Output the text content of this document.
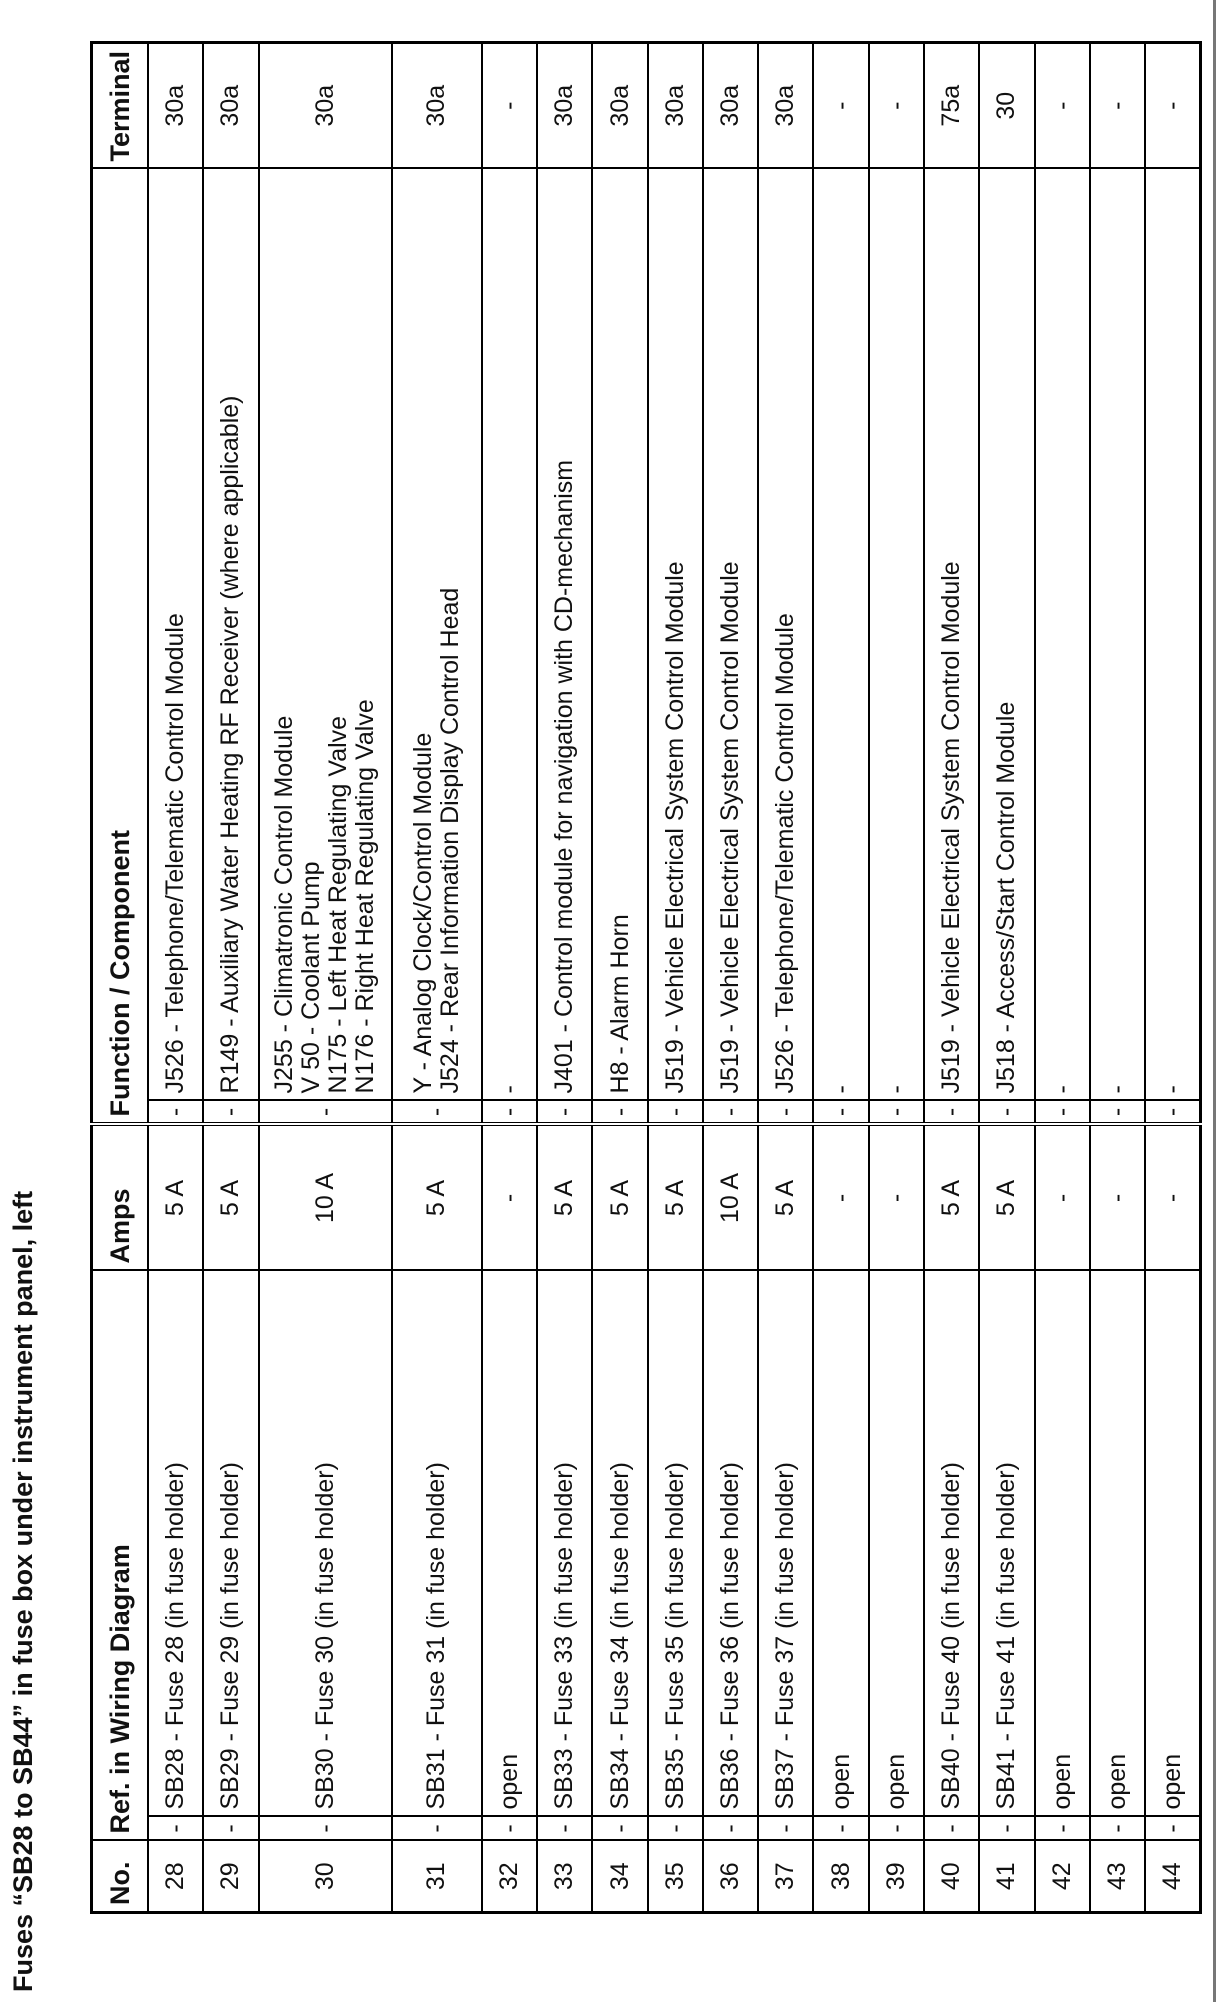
Fuses “SB28 to SB44” in fuse box under instrument panel, left No.	Ref. in Wiring Diagram		Amps	Function / Component		Terminal
28	-	SB28 - Fuse 28 (in fuse holder)	5 A	-	J526 - Telephone/Telematic Control Module	30a
29	-	SB29 - Fuse 29 (in fuse holder)	5 A	-	R149 - Auxiliary Water Heating RF Receiver (where applicable)	30a
30	-	SB30 - Fuse 30 (in fuse holder)	10 A	-	J255 - Climatronic Control Module V 50 - Coolant Pump N175 - Left Heat Regulating Valve N176 - Right Heat Regulating Valve	30a
31	-	SB31 - Fuse 31 (in fuse holder)	5 A	-	Y - Analog Clock/Control Module J524 - Rear Information Display Control Head	30a
32	-	open	-	-	-	-
33	-	SB33 - Fuse 33 (in fuse holder)	5 A	-	J401 - Control module for navigation with CD-mechanism	30a
34	-	SB34 - Fuse 34 (in fuse holder)	5 A	-	H8 - Alarm Horn	30a
35	-	SB35 - Fuse 35 (in fuse holder)	5 A	-	J519 - Vehicle Electrical System Control Module	30a
36	-	SB36 - Fuse 36 (in fuse holder)	10 A	-	J519 - Vehicle Electrical System Control Module	30a
37	-	SB37 - Fuse 37 (in fuse holder)	5 A	-	J526 - Telephone/Telematic Control Module	30a
38	-	open	-	-	-	-
39	-	open	-	-	-	-
40	-	SB40 - Fuse 40 (in fuse holder)	5 A	-	J519 - Vehicle Electrical System Control Module	75a
41	-	SB41 - Fuse 41 (in fuse holder)	5 A	-	J518 - Access/Start Control Module	30
42	-	open	-	-	-	-
43	-	open	-	-	-	-
44	-	open	-	-	-	-
